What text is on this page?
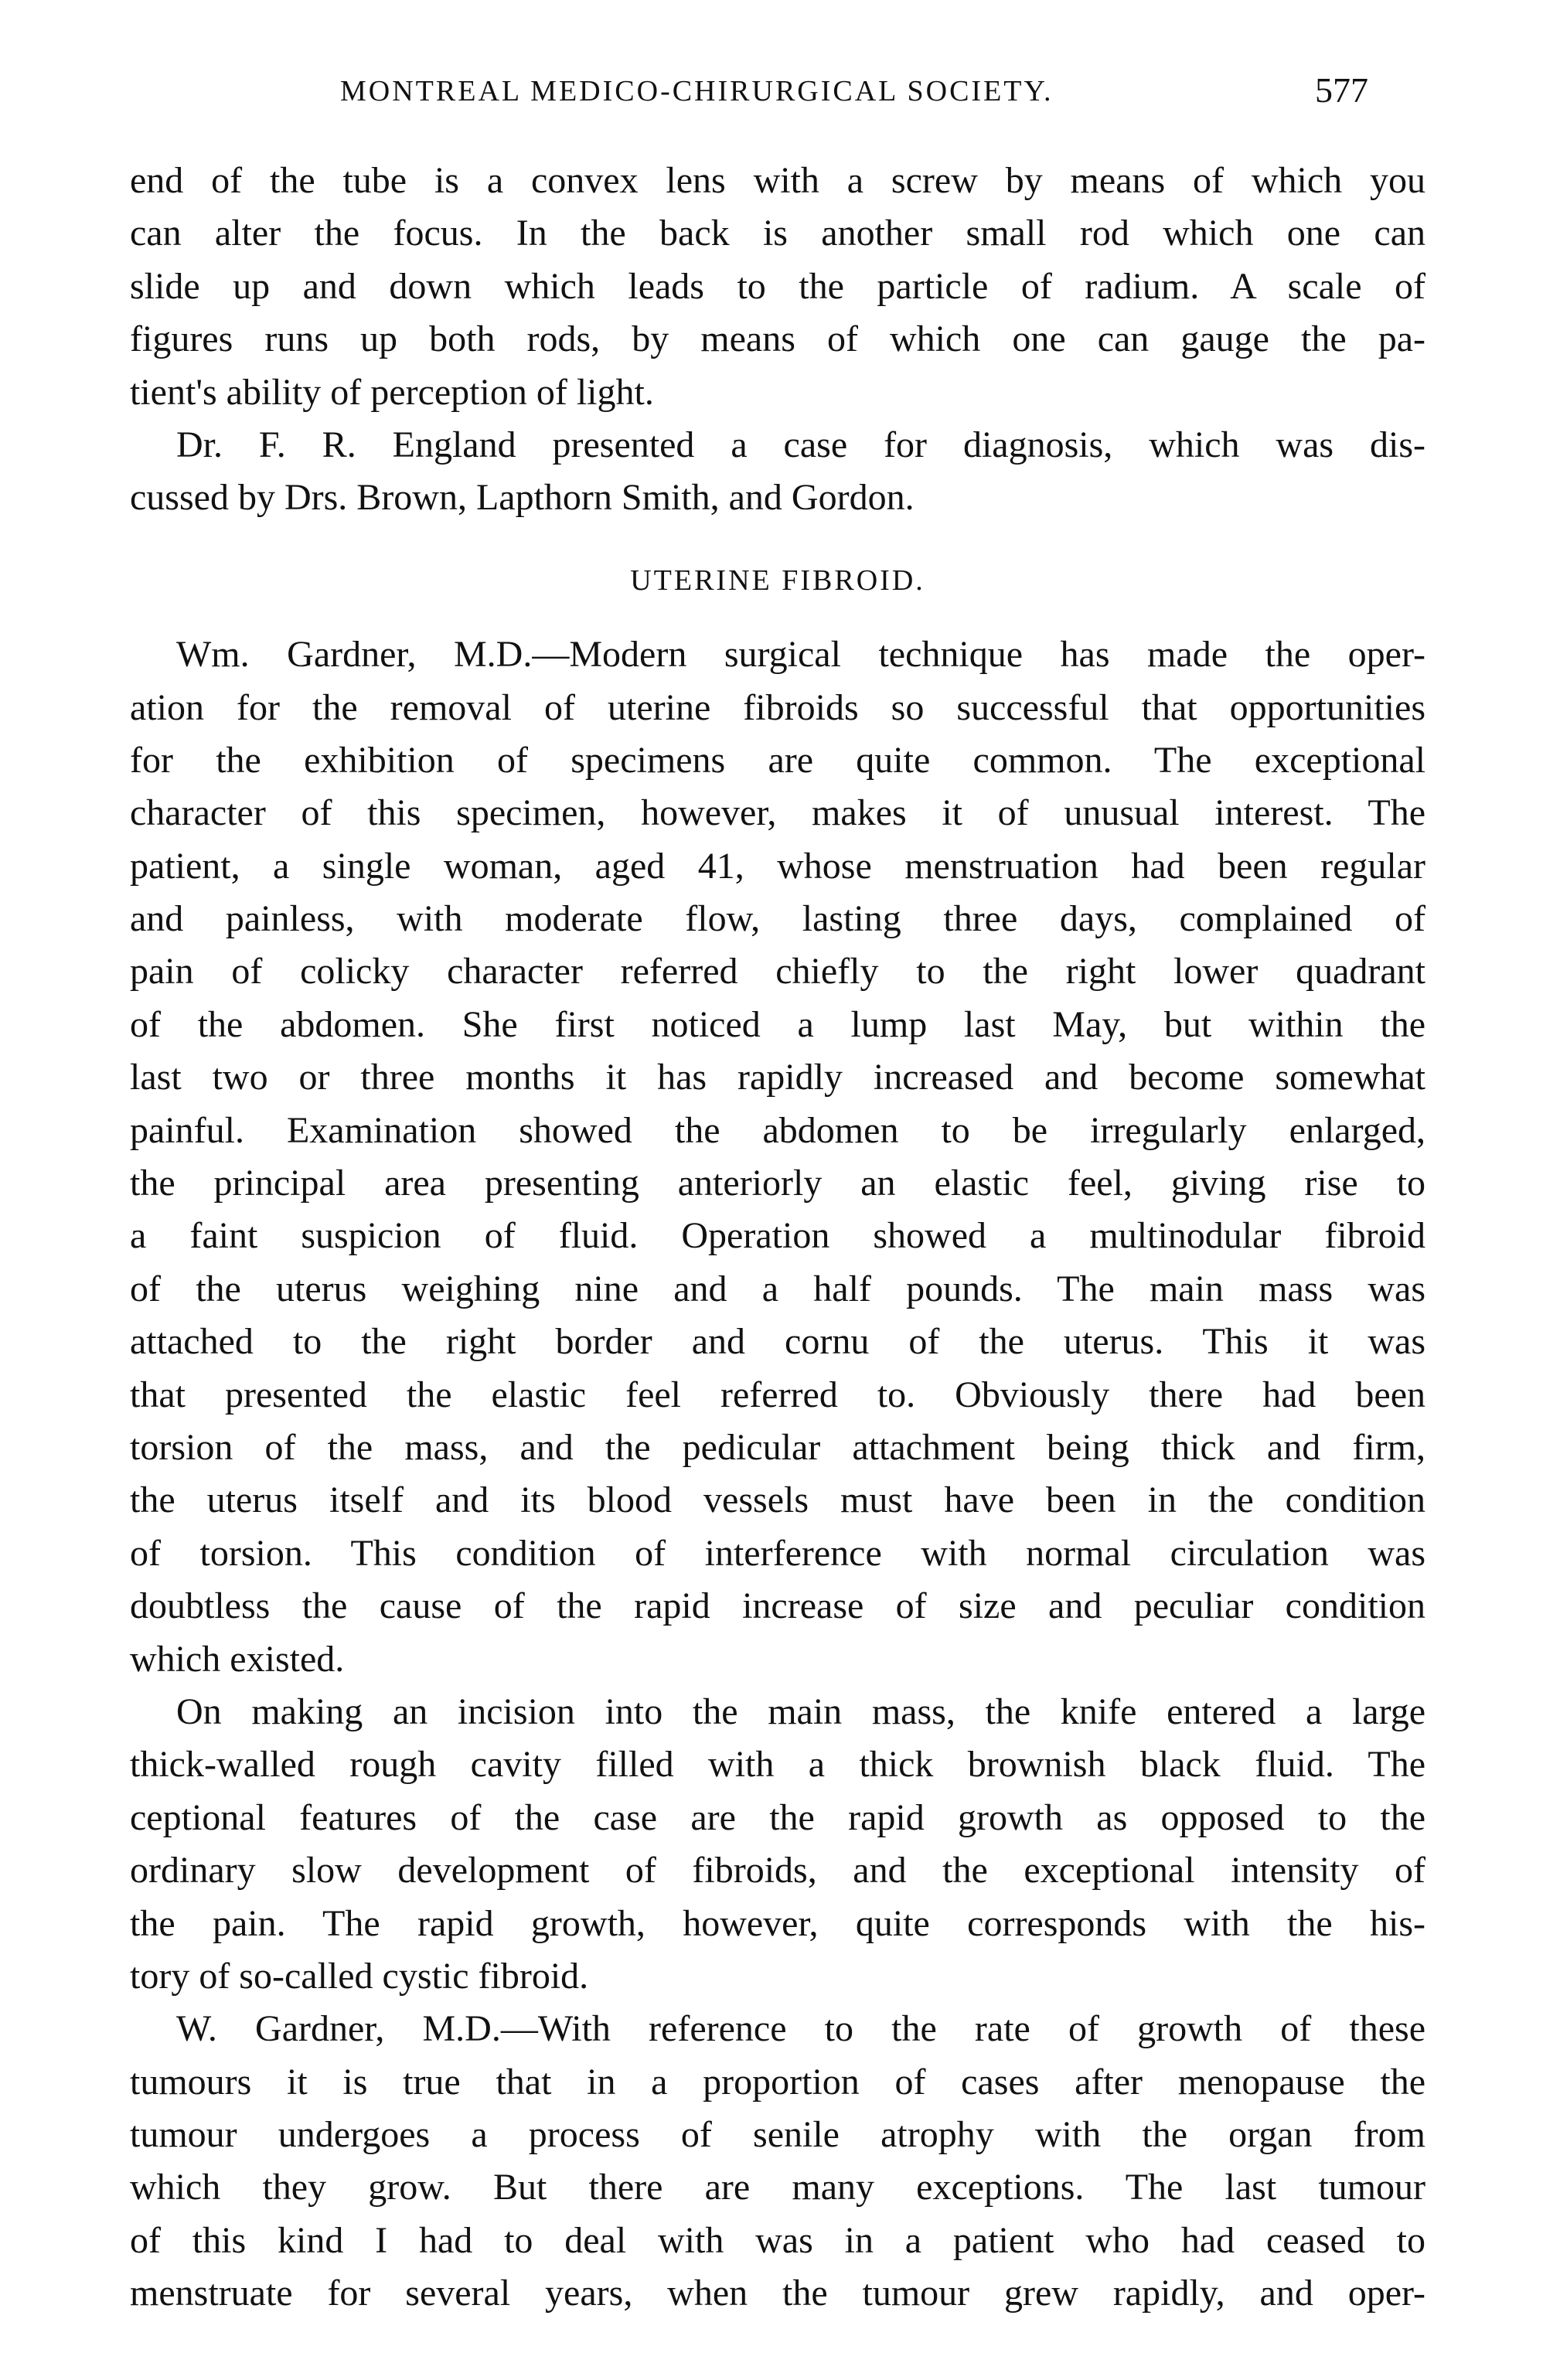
MONTREAL MEDICO-CHIRURGICAL SOCIETY.	577
end of the tube is a convex lens with a screw by means of which you
can alter the focus. In the back is another small rod which one can
slide up and down which leads to the particle of radium. A scale of
figures runs up both rods, by means of which one can gauge the pa-
tient's ability of perception of light.
Dr. F. R. England presented a case for diagnosis, which was dis-
cussed by Drs. Brown, Lapthorn Smith, and Gordon.
UTERINE FIBROID.
Wm. Gardner, M.D.—Modern surgical technique has made the oper-
ation for the removal of uterine fibroids so successful that opportunities
for the exhibition of specimens are quite common. The exceptional
character of this specimen, however, makes it of unusual interest. The
patient, a single woman, aged 41, whose menstruation had been regular
and painless, with moderate flow, lasting three days, complained of
pain of colicky character referred chiefly to the right lower quadrant
of the abdomen. She first noticed a lump last May, but within the
last two or three months it has rapidly increased and become somewhat
painful. Examination showed the abdomen to be irregularly enlarged,
the principal area presenting anteriorly an elastic feel, giving rise to
a faint suspicion of fluid. Operation showed a multinodular fibroid
of the uterus weighing nine and a half pounds. The main mass was
attached to the right border and cornu of the uterus. This it was
that presented the elastic feel referred to. Obviously there had been
torsion of the mass, and the pedicular attachment being thick and firm,
the uterus itself and its blood vessels must have been in the condition
of torsion. This condition of interference with normal circulation was
doubtless the cause of the rapid increase of size and peculiar condition
which existed.
On making an incision into the main mass, the knife entered a large
thick-walled rough cavity filled with a thick brownish black fluid. The
ceptional features of the case are the rapid growth as opposed to the
ordinary slow development of fibroids, and the exceptional intensity of
the pain. The rapid growth, however, quite corresponds with the his-
tory of so-called cystic fibroid.
W. Gardner, M.D.—With reference to the rate of growth of these
tumours it is true that in a proportion of cases after menopause the
tumour undergoes a process of senile atrophy with the organ from
which they grow. But there are many exceptions. The last tumour
of this kind I had to deal with was in a patient who had ceased to
menstruate for several years, when the tumour grew rapidly, and oper-
